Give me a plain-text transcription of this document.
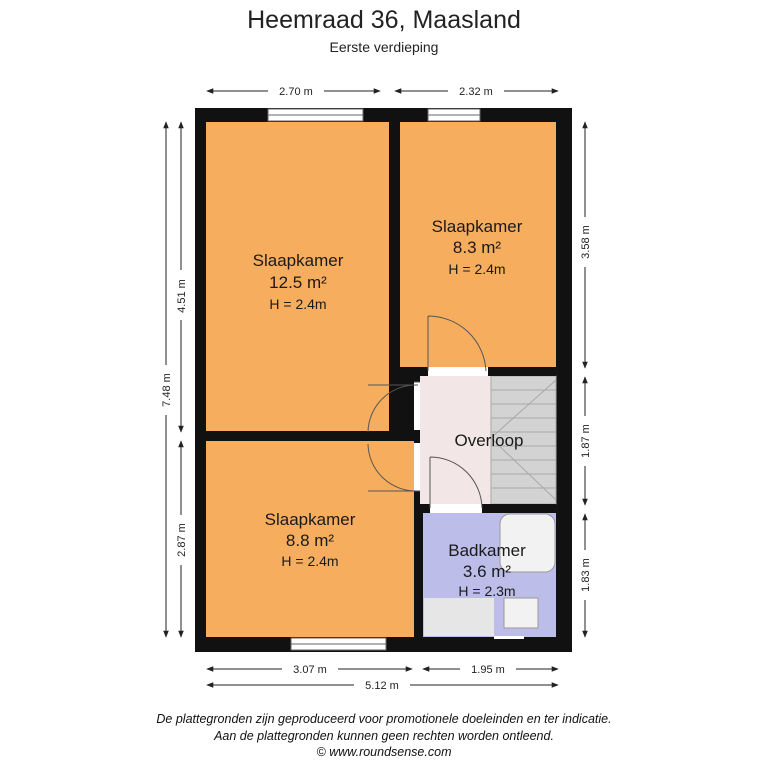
Heemraad 36, Maasland
Eerste verdieping
2.70 m	2.32 m
7.48 m
4.51 m
2.87 m
3.58 m
1.87 m
1.83 m
3.07 m	1.95 m
5.12 m
Slaapkamer
12.5 m²
H = 2.4m
Slaapkamer
8.3 m²
H = 2.4m
Slaapkamer
8.8 m²
H = 2.4m
Overloop
Badkamer
3.6 m²
H = 2.3m
De plattegronden zijn geproduceerd voor promotionele doeleinden en ter indicatie.
Aan de plattegronden kunnen geen rechten worden ontleend.
© www.roundsense.com
